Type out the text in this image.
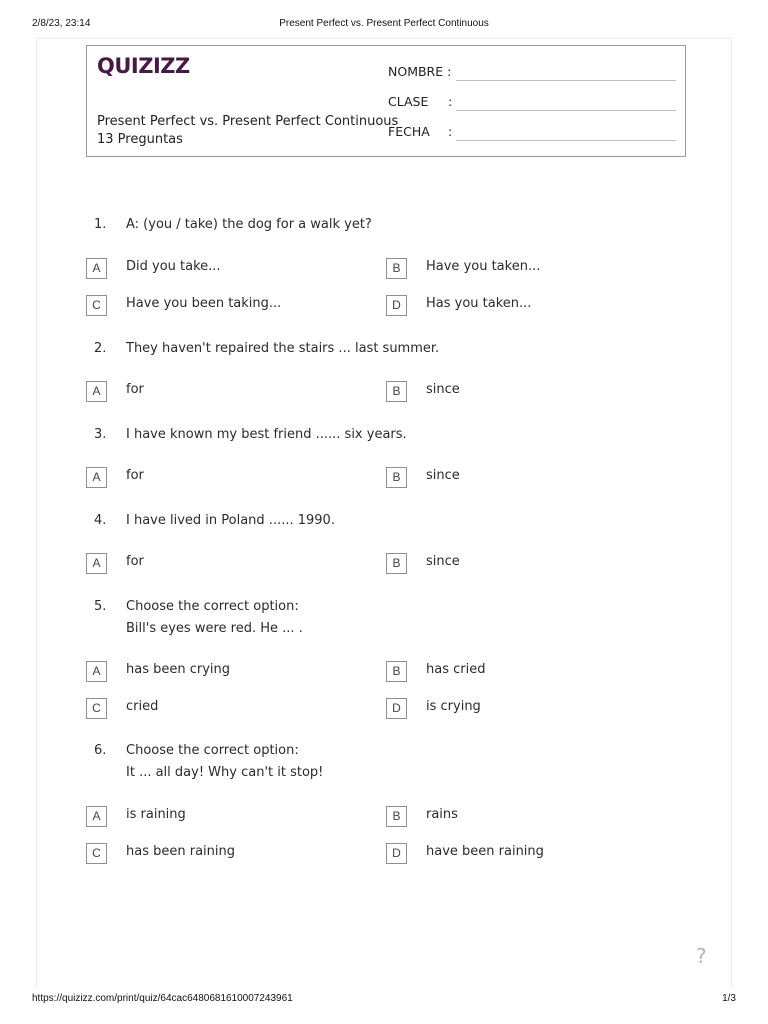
2/8/23, 23:14	Present Perfect vs. Present Perfect Continuous
QUIZIZZ
Present Perfect vs. Present Perfect Continuous
13 Preguntas
NOMBRE :
CLASE :
FECHA :
1.	A: (you / take) the dog for a walk yet?
A	Did you take...	B	Have you taken...
C	Have you been taking...	D	Has you taken...
2.	They haven't repaired the stairs ... last summer.
A	for	B	since
3.	I have known my best friend ...... six years.
A	for	B	since
4.	I have lived in Poland ...... 1990.
A	for	B	since
5.	Choose the correct option:
Bill's eyes were red. He ... .
A	has been crying	B	has cried
C	cried	D	is crying
6.	Choose the correct option:
It ... all day! Why can't it stop!
A	is raining	B	rains
C	has been raining	D	have been raining
?
https://quizizz.com/print/quiz/64cac6480681610007243961	1/3
